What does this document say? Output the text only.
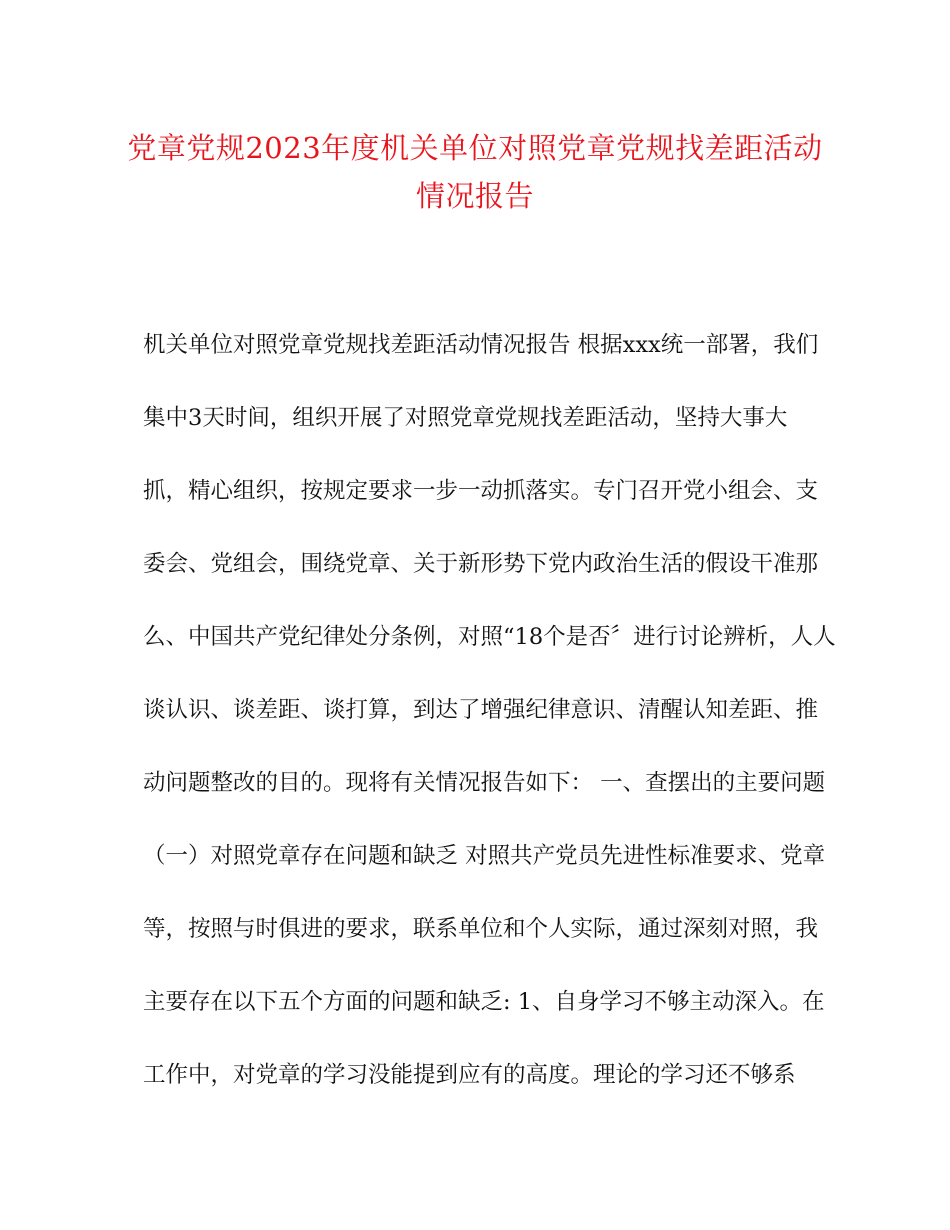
党章党规2023年度机关单位对照党章党规找差距活动
情况报告
机关单位对照党章党规找差距活动情况报告 根据xxx统一部署，我们
集中3天时间，组织开展了对照党章党规找差距活动，坚持大事大
抓，精心组织，按规定要求一步一动抓落实。专门召开党小组会、支
委会、党组会，围绕党章、关于新形势下党内政治生活的假设干准那
么、中国共产党纪律处分条例，对照“18个是否〞进行讨论辨析，人人
谈认识、谈差距、谈打算，到达了增强纪律意识、清醒认知差距、推
动问题整改的目的。现将有关情况报告如下： 一、查摆出的主要问题
（一）对照党章存在问题和缺乏 对照共产党员先进性标准要求、党章
等，按照与时俱进的要求，联系单位和个人实际，通过深刻对照，我
主要存在以下五个方面的问题和缺乏: 1、自身学习不够主动深入。在
工作中，对党章的学习没能提到应有的高度。理论的学习还不够系
